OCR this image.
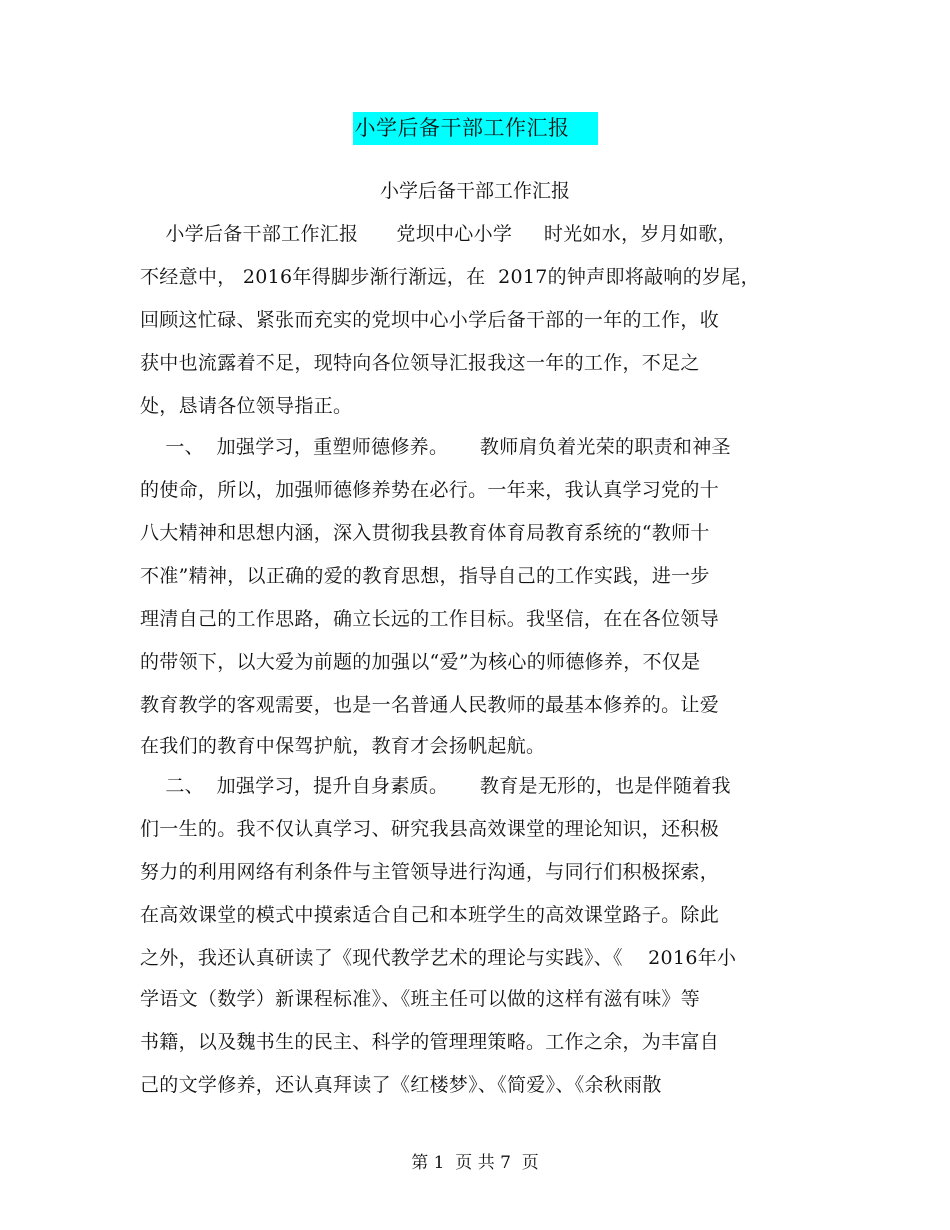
小学后备干部工作汇报
小学后备干部工作汇报
小学后备干部工作汇报      党坝中心小学     时光如水，岁月如歌，
不经意中， 2016年得脚步渐行渐远，在  2017的钟声即将敲响的岁尾，
回顾这忙碌、紧张而充实的党坝中心小学后备干部的一年的工作，收
获中也流露着不足，现特向各位领导汇报我这一年的工作，不足之
处，恳请各位领导指正。
一、  加强学习，重塑师德修养。     教师肩负着光荣的职责和神圣
的使命，所以，加强师德修养势在必行。一年来，我认真学习党的十
八大精神和思想内涵，深入贯彻我县教育体育局教育系统的“教师十
不准”精神，以正确的爱的教育思想，指导自己的工作实践，进一步
理清自己的工作思路，确立长远的工作目标。我坚信，在在各位领导
的带领下，以大爱为前题的加强以“爱”为核心的师德修养，不仅是
教育教学的客观需要，也是一名普通人民教师的最基本修养的。让爱
在我们的教育中保驾护航，教育才会扬帆起航。
二、  加强学习，提升自身素质。     教育是无形的，也是伴随着我
们一生的。我不仅认真学习、研究我县高效课堂的理论知识，还积极
努力的利用网络有利条件与主管领导进行沟通，与同行们积极探索，
在高效课堂的模式中摸索适合自己和本班学生的高效课堂路子。除此
之外，我还认真研读了《现代教学艺术的理论与实践》、《    2016年小
学语文（数学）新课程标准》、《班主任可以做的这样有滋有味》等
书籍，以及魏书生的民主、科学的管理理策略。工作之余，为丰富自
己的文学修养，还认真拜读了《红楼梦》、《简爱》、《余秋雨散
第 1  页 共 7  页
